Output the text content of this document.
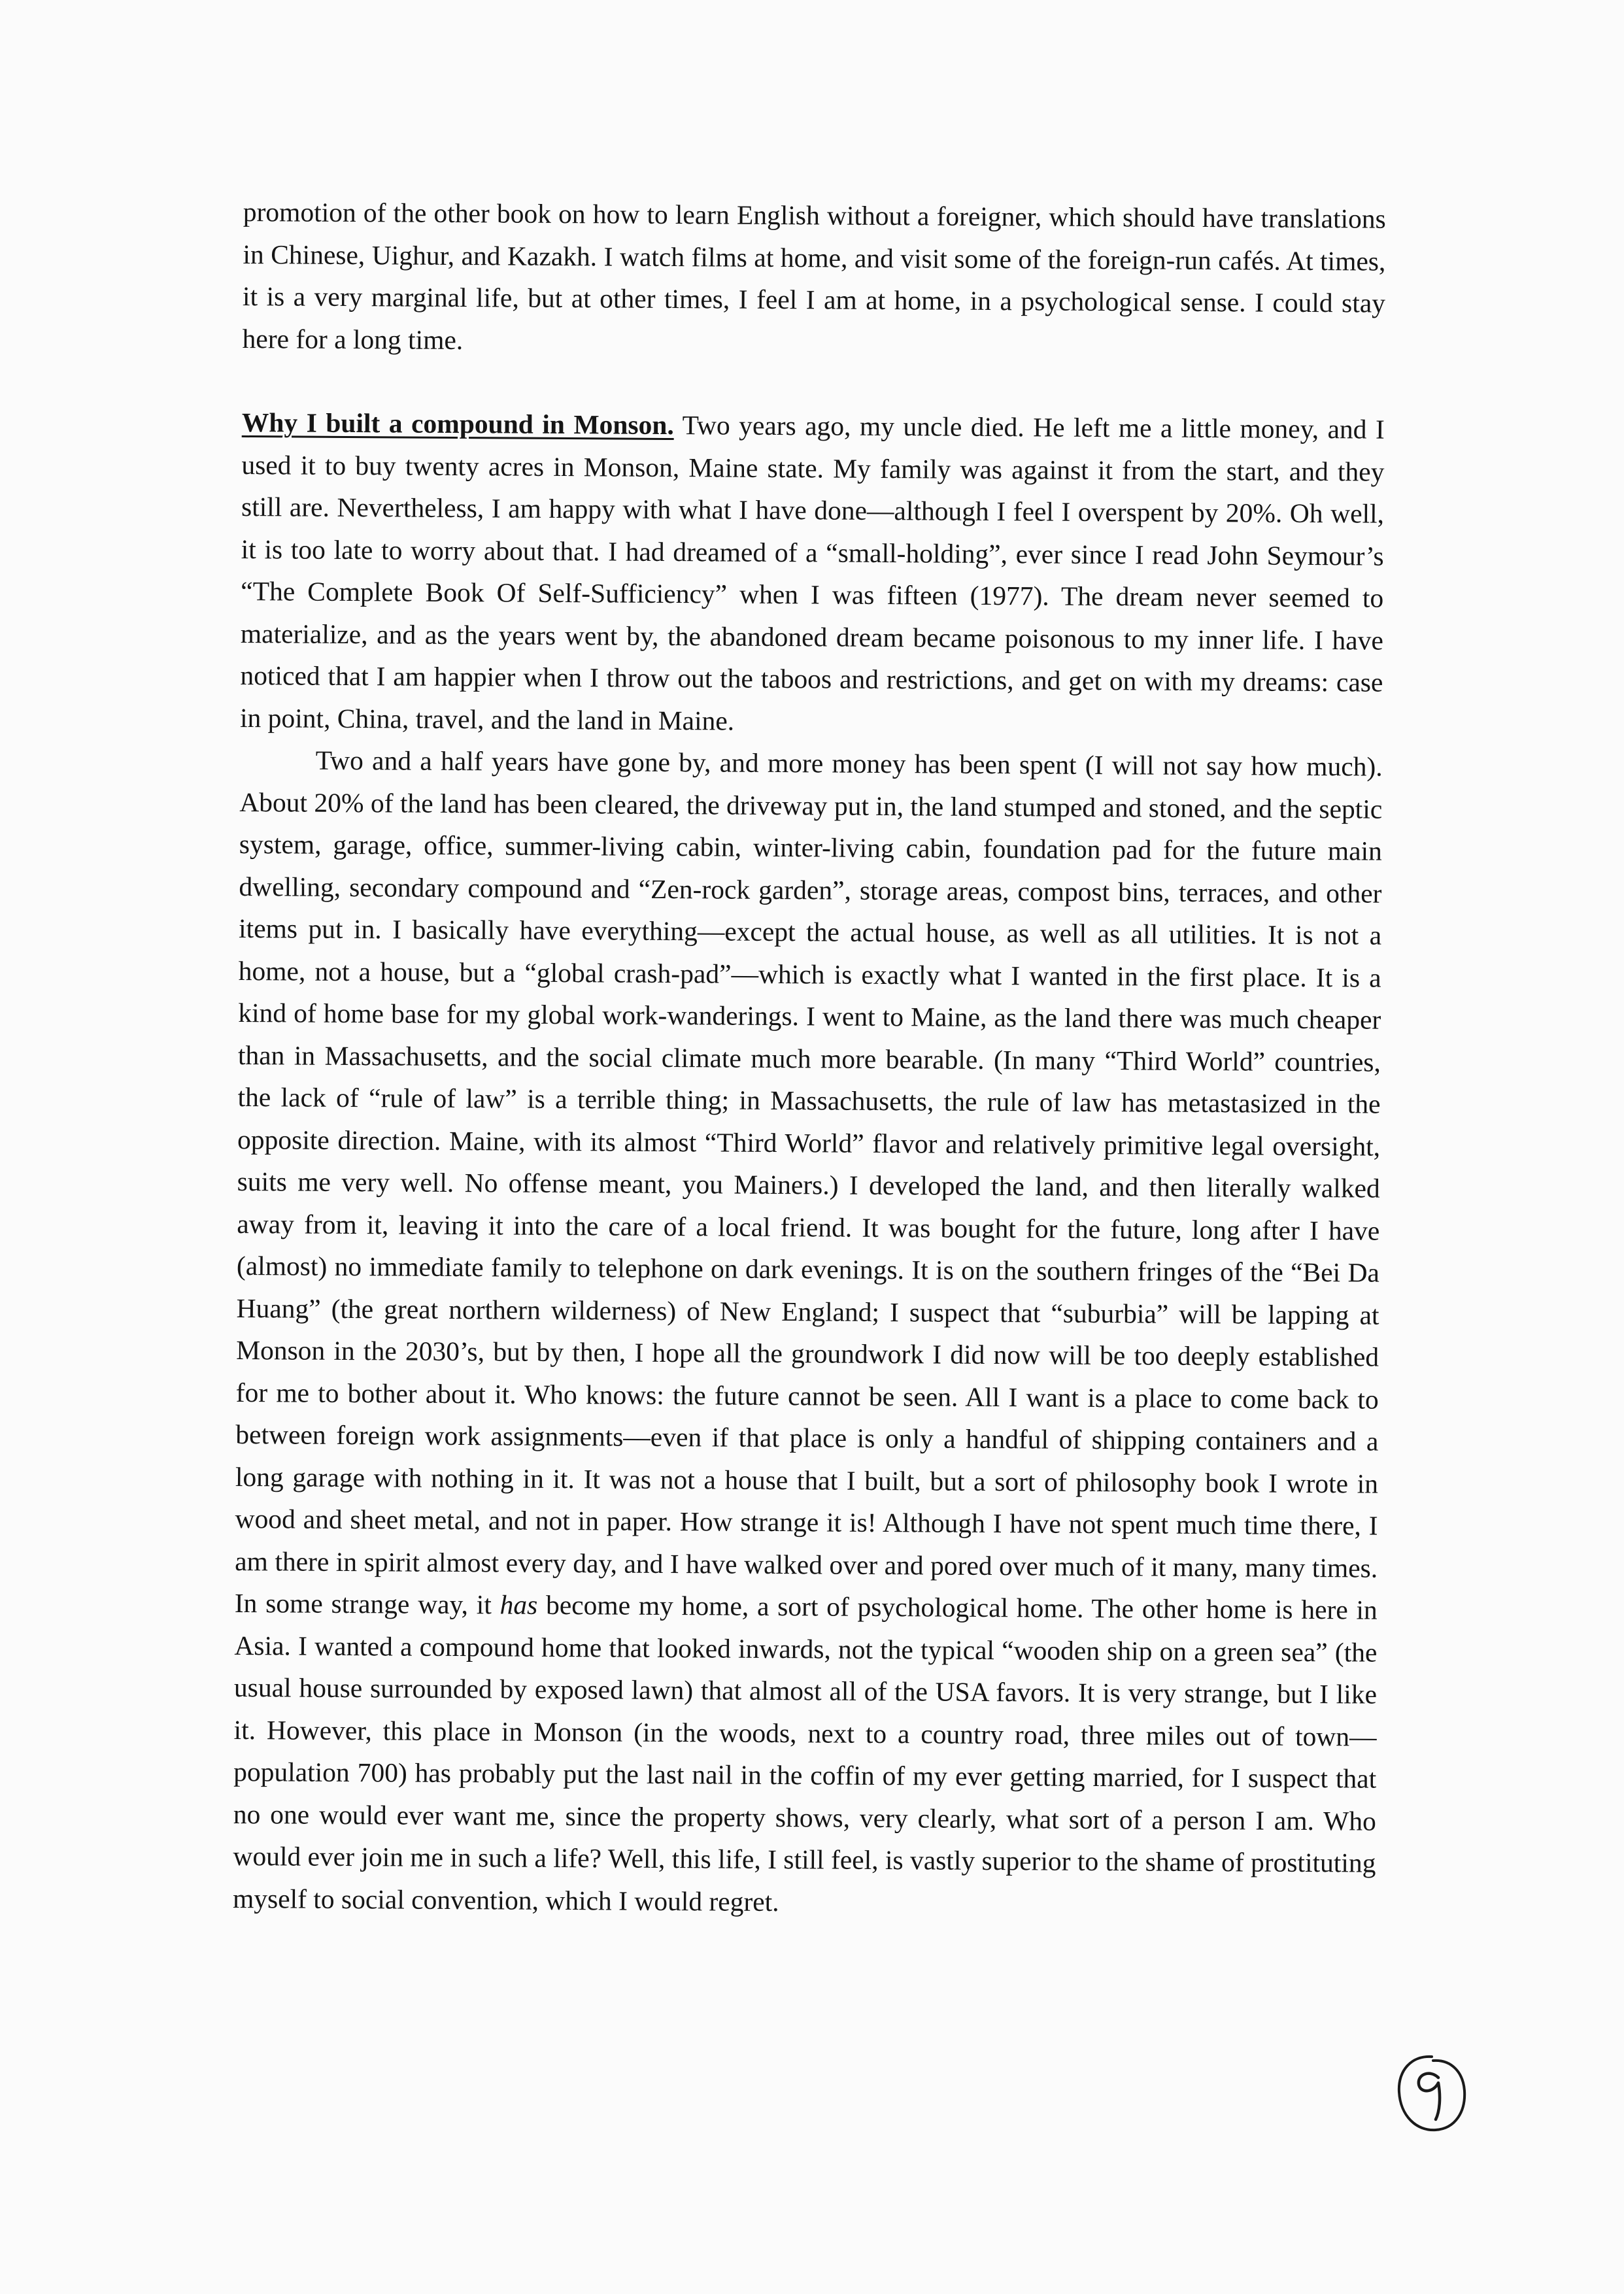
promotion of the other book on how to learn English without a foreigner, which should have translations in Chinese, Uighur, and Kazakh. I watch films at home, and visit some of the foreign-run cafés. At times, it is a very marginal life, but at other times, I feel I am at home, in a psychological sense. I could stay here for a long time.

Why I built a compound in Monson. Two years ago, my uncle died. He left me a little money, and I used it to buy twenty acres in Monson, Maine state. My family was against it from the start, and they still are. Nevertheless, I am happy with what I have done—although I feel I overspent by 20%. Oh well, it is too late to worry about that. I had dreamed of a “small-holding”, ever since I read John Seymour’s “The Complete Book Of Self-Sufficiency” when I was fifteen (1977). The dream never seemed to materialize, and as the years went by, the abandoned dream became poisonous to my inner life. I have noticed that I am happier when I throw out the taboos and restrictions, and get on with my dreams: case in point, China, travel, and the land in Maine.

Two and a half years have gone by, and more money has been spent (I will not say how much). About 20% of the land has been cleared, the driveway put in, the land stumped and stoned, and the septic system, garage, office, summer-living cabin, winter-living cabin, foundation pad for the future main dwelling, secondary compound and “Zen-rock garden”, storage areas, compost bins, terraces, and other items put in. I basically have everything—except the actual house, as well as all utilities. It is not a home, not a house, but a “global crash-pad”—which is exactly what I wanted in the first place. It is a kind of home base for my global work-wanderings. I went to Maine, as the land there was much cheaper than in Massachusetts, and the social climate much more bearable. (In many “Third World” countries, the lack of “rule of law” is a terrible thing; in Massachusetts, the rule of law has metastasized in the opposite direction. Maine, with its almost “Third World” flavor and relatively primitive legal oversight, suits me very well. No offense meant, you Mainers.) I developed the land, and then literally walked away from it, leaving it into the care of a local friend. It was bought for the future, long after I have (almost) no immediate family to telephone on dark evenings. It is on the southern fringes of the “Bei Da Huang” (the great northern wilderness) of New England; I suspect that “suburbia” will be lapping at Monson in the 2030’s, but by then, I hope all the groundwork I did now will be too deeply established for me to bother about it. Who knows: the future cannot be seen. All I want is a place to come back to between foreign work assignments—even if that place is only a handful of shipping containers and a long garage with nothing in it. It was not a house that I built, but a sort of philosophy book I wrote in wood and sheet metal, and not in paper. How strange it is! Although I have not spent much time there, I am there in spirit almost every day, and I have walked over and pored over much of it many, many times. In some strange way, it has become my home, a sort of psychological home. The other home is here in Asia. I wanted a compound home that looked inwards, not the typical “wooden ship on a green sea” (the usual house surrounded by exposed lawn) that almost all of the USA favors. It is very strange, but I like it. However, this place in Monson (in the woods, next to a country road, three miles out of town—population 700) has probably put the last nail in the coffin of my ever getting married, for I suspect that no one would ever want me, since the property shows, very clearly, what sort of a person I am. Who would ever join me in such a life? Well, this life, I still feel, is vastly superior to the shame of prostituting myself to social convention, which I would regret.
